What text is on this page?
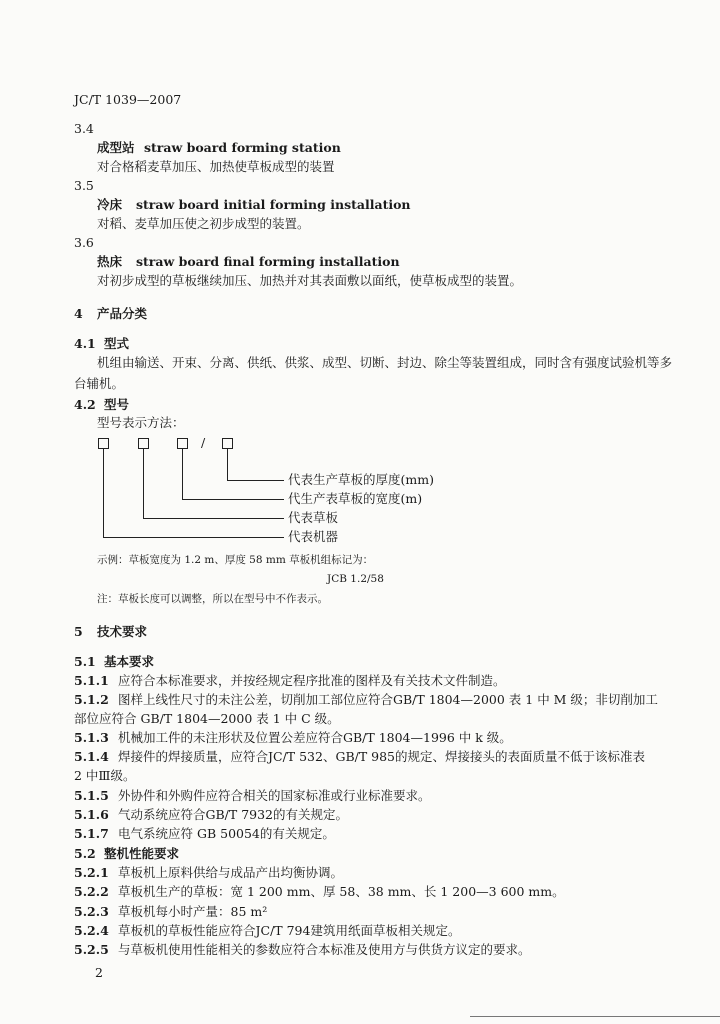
JC/T 1039—2007
3.4
成型站 straw board forming station
对合格稻麦草加压、加热使草板成型的装置
3.5
冷床 straw board initial forming installation
对稻、麦草加压使之初步成型的装置。
3.6
热床 straw board final forming installation
对初步成型的草板继续加压、加热并对其表面敷以面纸，使草板成型的装置。
4 产品分类
4.1 型式
机组由输送、开束、分离、供纸、供浆、成型、切断、封边、除尘等装置组成，同时含有强度试验机等多
台辅机。
4.2 型号
型号表示方法：
/
代表生产草板的厚度(mm)
代生产表草板的宽度(m)
代表草板
代表机器
示例：草板宽度为 1.2 m、厚度 58 mm 草板机组标记为：
JCB 1.2/58
注：草板长度可以调整，所以在型号中不作表示。
5 技术要求
5.1 基本要求
5.1.1 应符合本标准要求，并按经规定程序批准的图样及有关技术文件制造。
5.1.2 图样上线性尺寸的未注公差，切削加工部位应符合GB/T 1804—2000 表 1 中 M 级；非切削加工
部位应符合 GB/T 1804—2000 表 1 中 C 级。
5.1.3 机械加工件的未注形状及位置公差应符合GB/T 1804—1996 中 k 级。
5.1.4 焊接件的焊接质量，应符合JC/T 532、GB/T 985的规定、焊接接头的表面质量不低于该标准表
2 中Ⅲ级。
5.1.5 外协件和外购件应符合相关的国家标准或行业标准要求。
5.1.6 气动系统应符合GB/T 7932的有关规定。
5.1.7 电气系统应符 GB 50054的有关规定。
5.2 整机性能要求
5.2.1 草板机上原料供给与成品产出均衡协调。
5.2.2 草板机生产的草板：宽 1 200 mm、厚 58、38 mm、长 1 200—3 600 mm。
5.2.3 草板机每小时产量：85 m²
5.2.4 草板机的草板性能应符合JC/T 794建筑用纸面草板相关规定。
5.2.5 与草板机使用性能相关的参数应符合本标准及使用方与供货方议定的要求。
2
